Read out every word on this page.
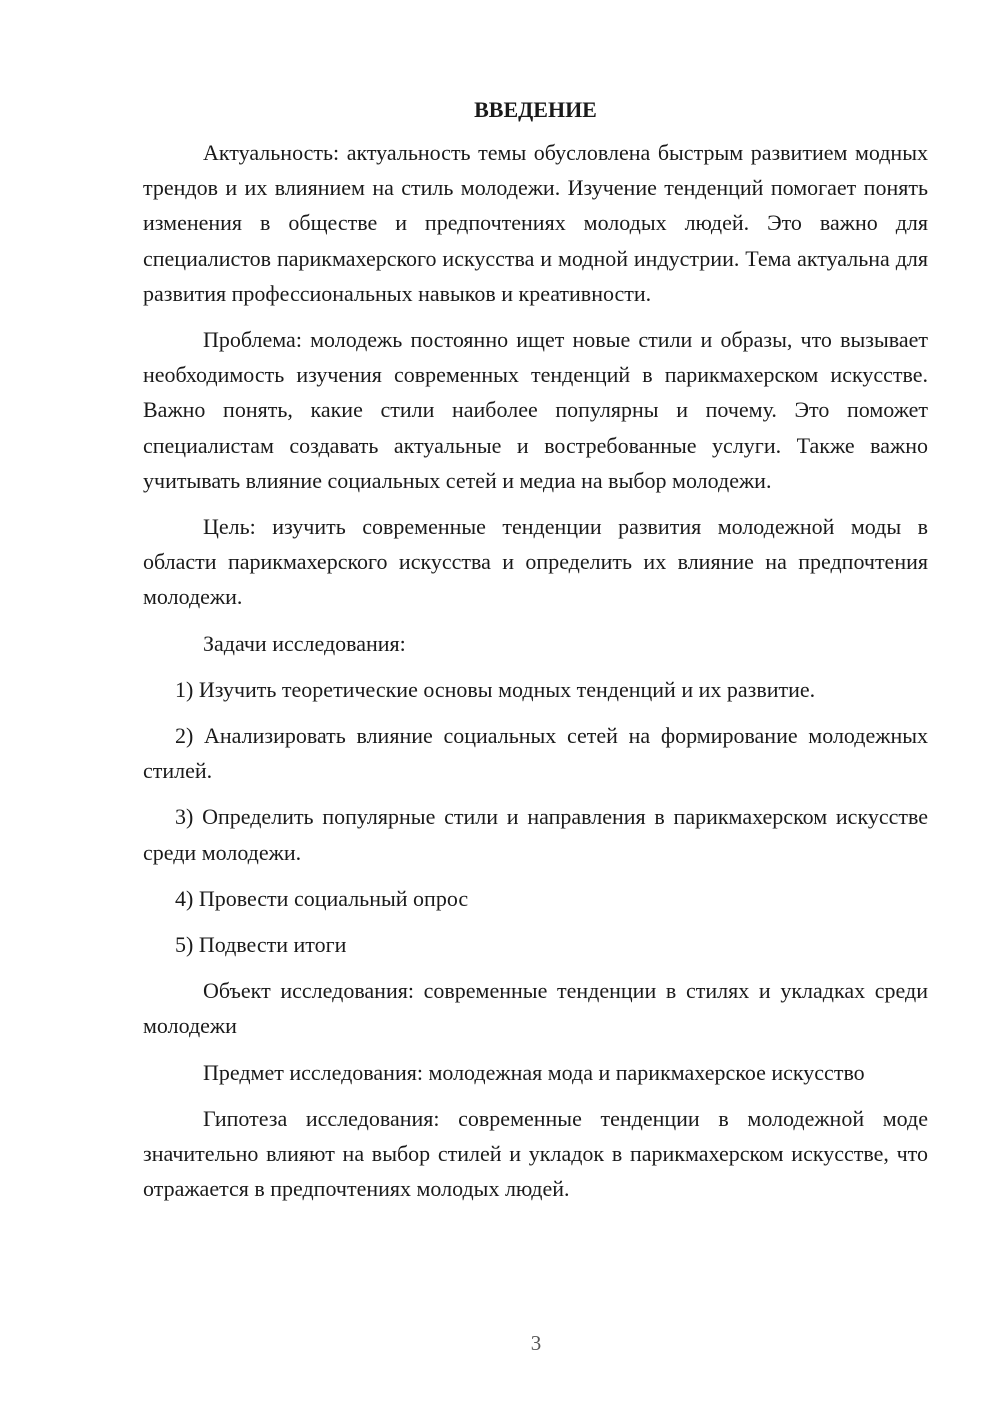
ВВЕДЕНИЕ

Актуальность: актуальность темы обусловлена быстрым развитием модных трендов и их влиянием на стиль молодежи. Изучение тенденций помогает понять изменения в обществе и предпочтениях молодых людей. Это важно для специалистов парикмахерского искусства и модной индустрии. Тема актуальна для развития профессиональных навыков и креативности.

Проблема: молодежь постоянно ищет новые стили и образы, что вызывает необходимость изучения современных тенденций в парикмахерском искусстве. Важно понять, какие стили наиболее популярны и почему. Это поможет специалистам создавать актуальные и востребованные услуги. Также важно учитывать влияние социальных сетей и медиа на выбор молодежи.

Цель: изучить современные тенденции развития молодежной моды в области парикмахерского искусства и определить их влияние на предпочтения молодежи.

Задачи исследования:

1) Изучить теоретические основы модных тенденций и их развитие.

2) Анализировать влияние социальных сетей на формирование молодежных стилей.

3) Определить популярные стили и направления в парикмахерском искусстве среди молодежи.

4) Провести социальный опрос

5) Подвести итоги

Объект исследования: современные тенденции в стилях и укладках среди молодежи

Предмет исследования: молодежная мода и парикмахерское искусство

Гипотеза исследования: современные тенденции в молодежной моде значительно влияют на выбор стилей и укладок в парикмахерском искусстве, что отражается в предпочтениях молодых людей.

3
